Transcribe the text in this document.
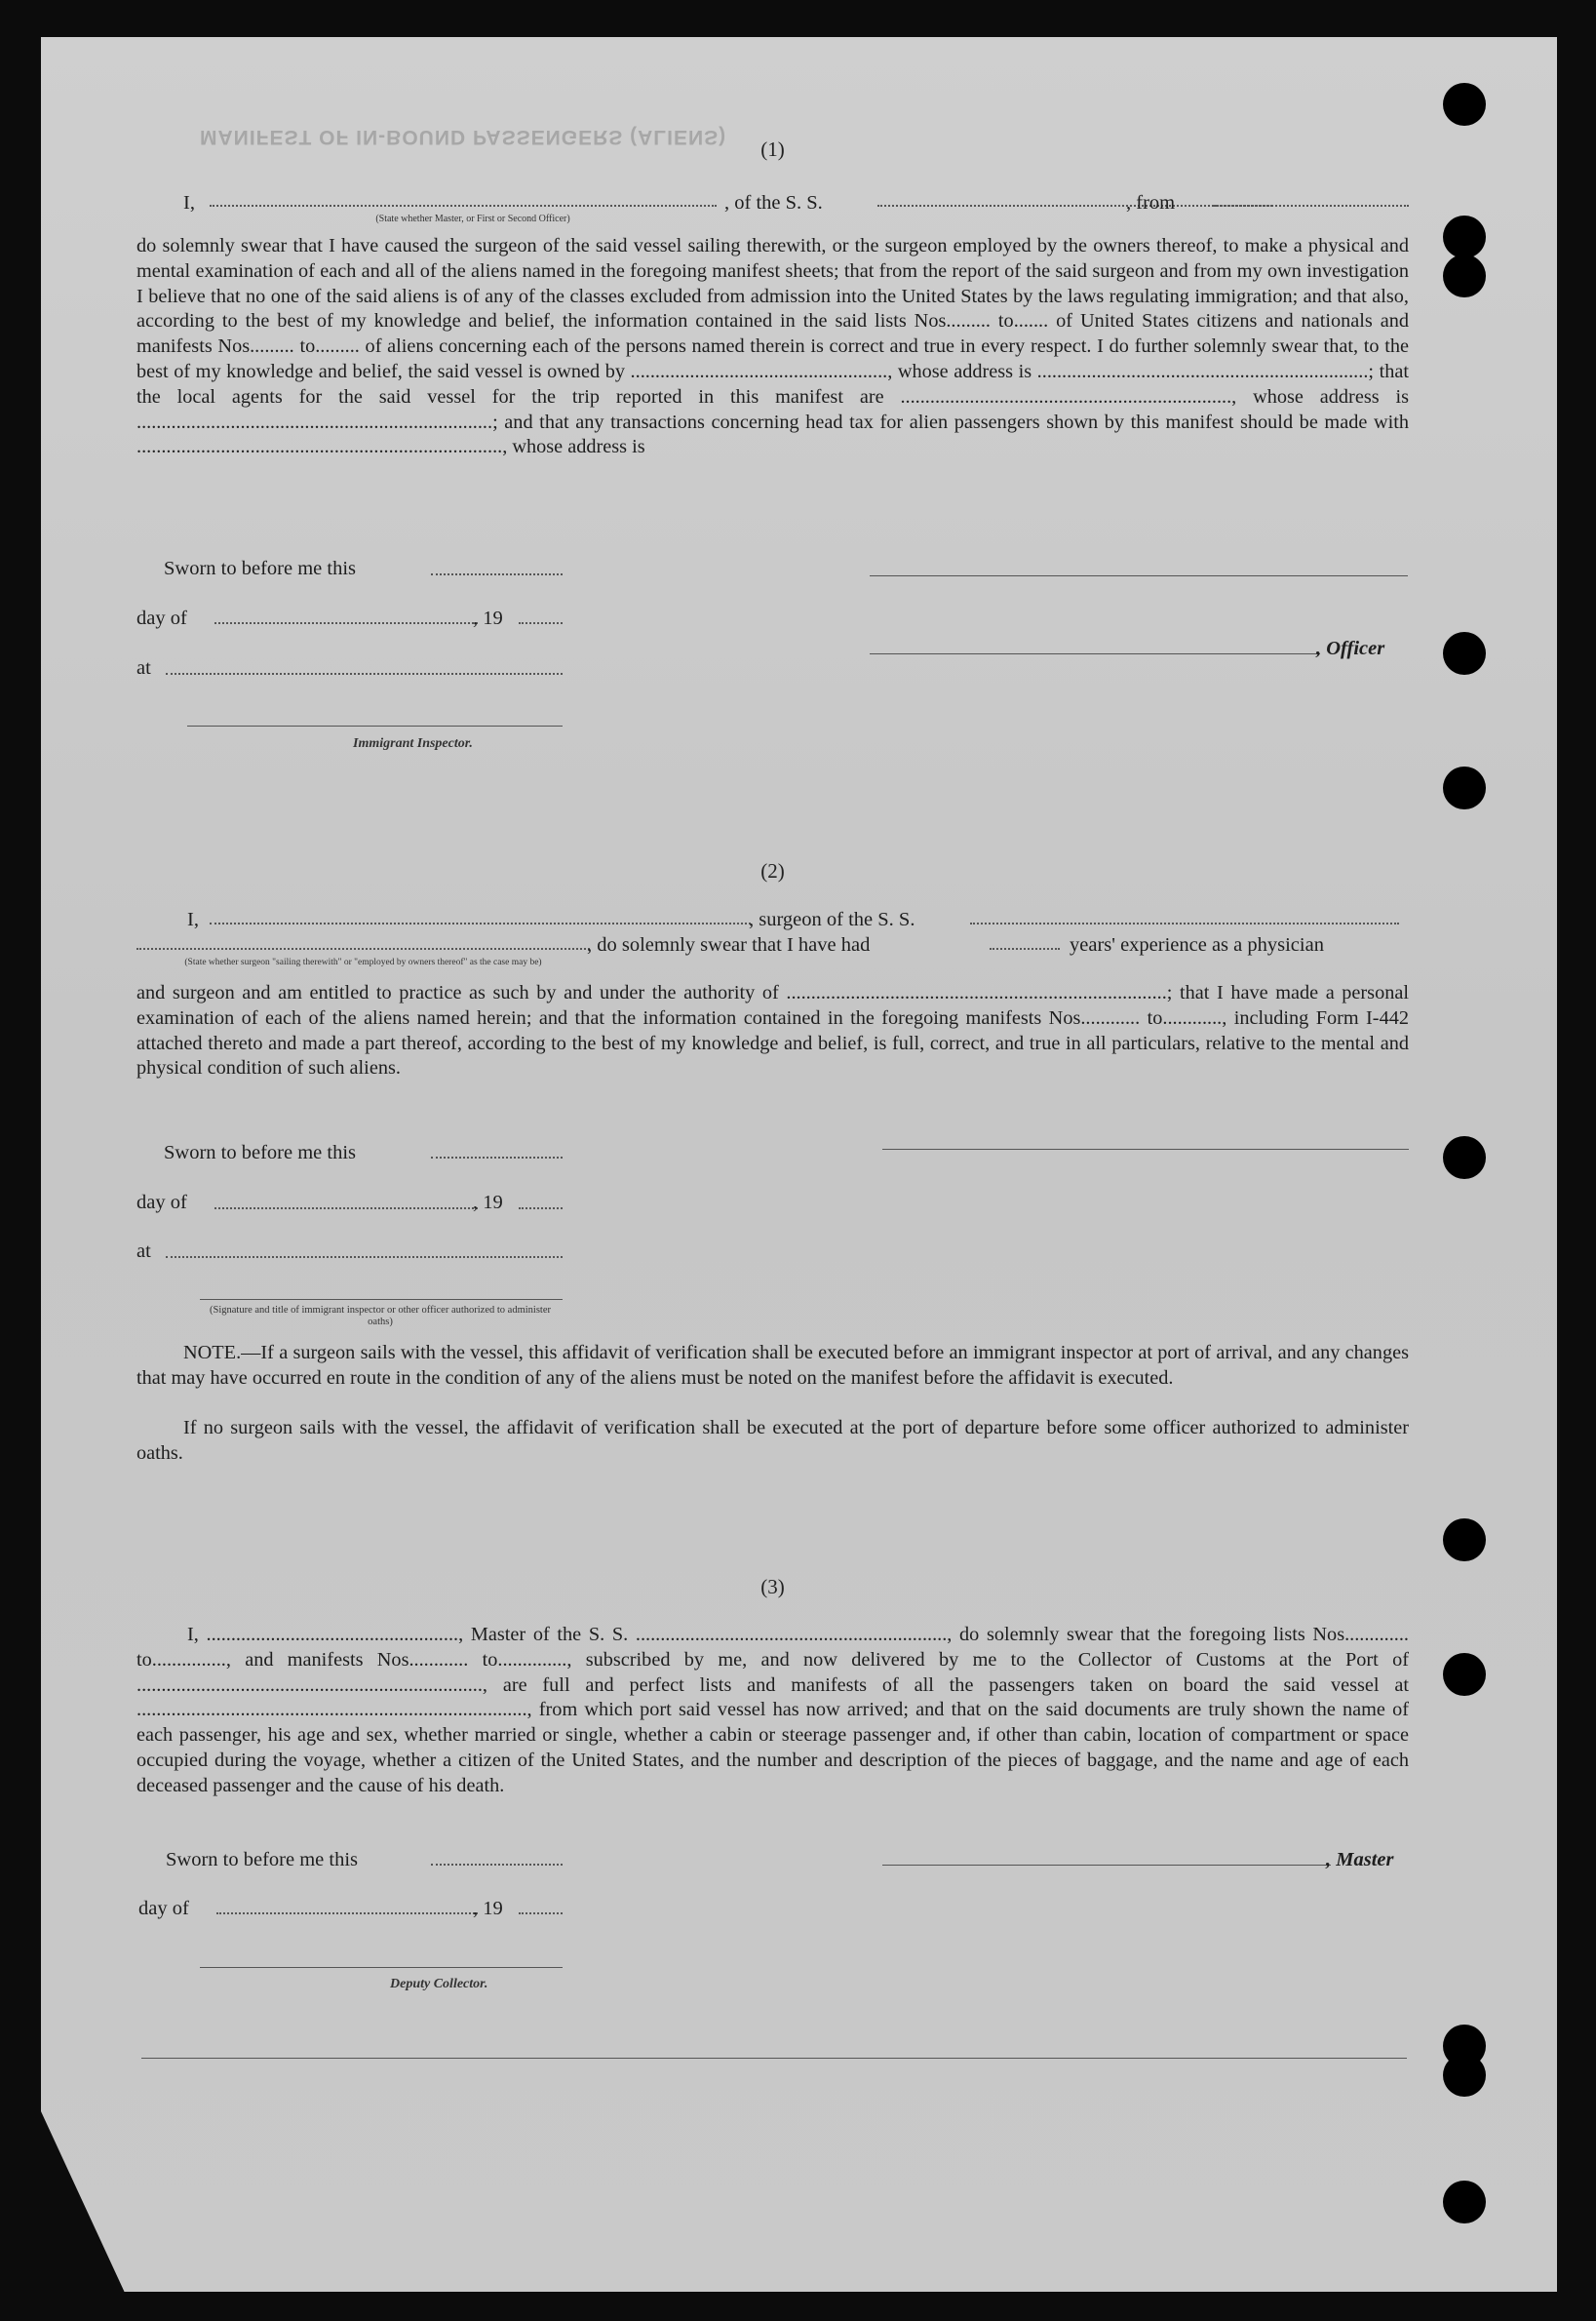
MANIFEST OF IN-BOUND PASSENGERS (ALIENS)
(1)
I,
(State whether Master, or First or Second Officer)
, of the S. S.	, from

do solemnly swear that I have caused the surgeon of the said vessel sailing therewith, or the surgeon employed by the owners thereof, to make a physical and mental examination of each and all of the aliens named in the foregoing manifest sheets; that from the report of the said surgeon and from my own investigation I believe that no one of the said aliens is of any of the classes excluded from admission into the United States by the laws regulating immigration; and that also, according to the best of my knowledge and belief, the information contained in the said lists Nos......... to....... of United States citizens and nationals and manifests Nos......... to......... of aliens concerning each of the persons named therein is correct and true in every respect. I do further solemnly swear that, to the best of my knowledge and belief, the said vessel is owned by ...................................................., whose address is ...................................................................; that the local agents for the said vessel for the trip reported in this manifest are ..................................................................., whose address is ........................................................................; and that any transactions concerning head tax for alien passengers shown by this manifest should be made with .........................................................................., whose address is

Sworn to before me this
day of	, 19
, Officer
at
Immigrant Inspector.
(2)
I,	, surgeon of the S. S.
(State whether surgeon "sailing therewith" or "employed by owners thereof" as the case may be)
, do solemnly swear that I have had	years' experience as a physician

and surgeon and am entitled to practice as such by and under the authority of .............................................................................; that I have made a personal examination of each of the aliens named herein; and that the information contained in the foregoing manifests Nos............ to............, including Form I-442 attached thereto and made a part thereof, according to the best of my knowledge and belief, is full, correct, and true in all particulars, relative to the mental and physical condition of such aliens.

Sworn to before me this
day of	, 19
at
(Signature and title of immigrant inspector or other officer authorized to administer oaths)

NOTE.—If a surgeon sails with the vessel, this affidavit of verification shall be executed before an immigrant inspector at port of arrival, and any changes that may have occurred en route in the condition of any of the aliens must be noted on the manifest before the affidavit is executed.

If no surgeon sails with the vessel, the affidavit of verification shall be executed at the port of departure before some officer authorized to administer oaths.

(3)

I, ..................................................., Master of the S. S. ..............................................................., do solemnly swear that the foregoing lists Nos............. to..............., and manifests Nos............ to.............., subscribed by me, and now delivered by me to the Collector of Customs at the Port of ......................................................................, are full and perfect lists and manifests of all the passengers taken on board the said vessel at ..............................................................................., from which port said vessel has now arrived; and that on the said documents are truly shown the name of each passenger, his age and sex, whether married or single, whether a cabin or steerage passenger and, if other than cabin, location of compartment or space occupied during the voyage, whether a citizen of the United States, and the number and description of the pieces of baggage, and the name and age of each deceased passenger and the cause of his death.

Sworn to before me this	, Master
day of	, 19
Deputy Collector.
